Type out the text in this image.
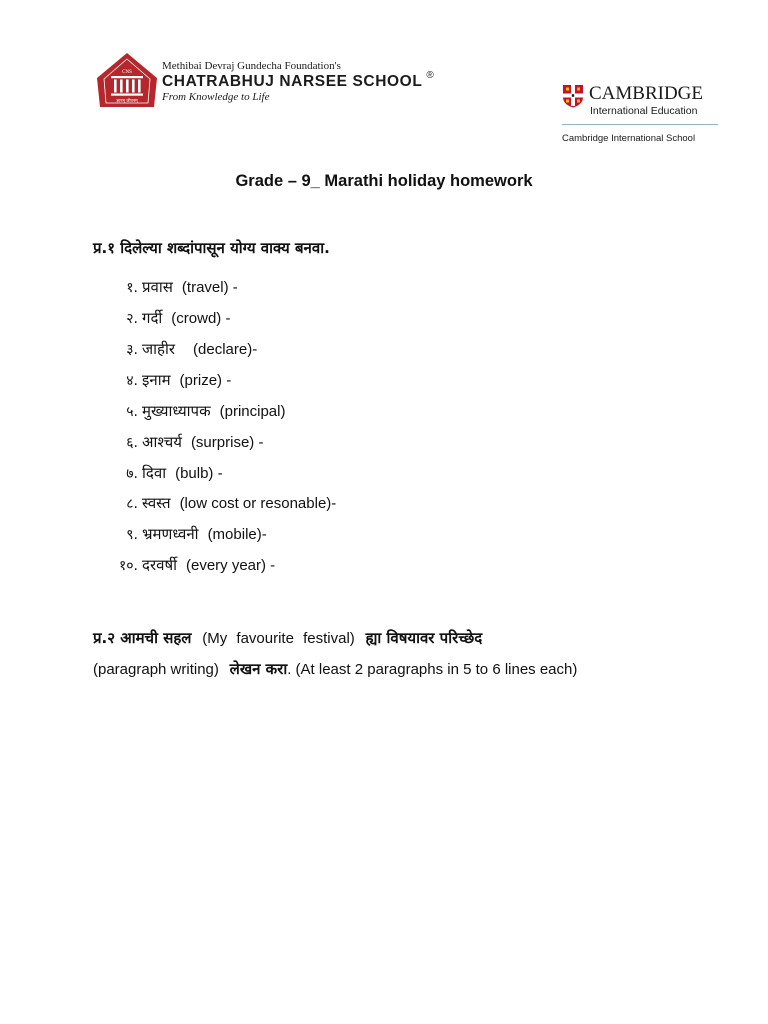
CNS
ज्ञानम् जीवनम्
Methibai Devraj Gundecha Foundation's
CHATRABHUJ NARSEE SCHOOL ®
From Knowledge to Life	CAMBRIDGE
International Education
Cambridge International School
Grade – 9_ Marathi holiday homework
प्र.१ दिलेल्या शब्दांपासून योग्य वाक्य बनवा.
१. प्रवास (travel) -
२. गर्दी (crowd) -
३. जाहीर (declare)-
४. इनाम (prize) -
५. मुख्याध्यापक (principal)
६. आश्चर्य (surprise) -
७. दिवा (bulb) -
८. स्वस्त (low cost or resonable)-
९. भ्रमणध्वनी (mobile)-
१०. दरवर्षी (every year) -
प्र.२ आमची सहल (My favourite festival) ह्या विषयावर परिच्छेद
(paragraph writing) लेखन करा. (At least 2 paragraphs in 5 to 6 lines each)
